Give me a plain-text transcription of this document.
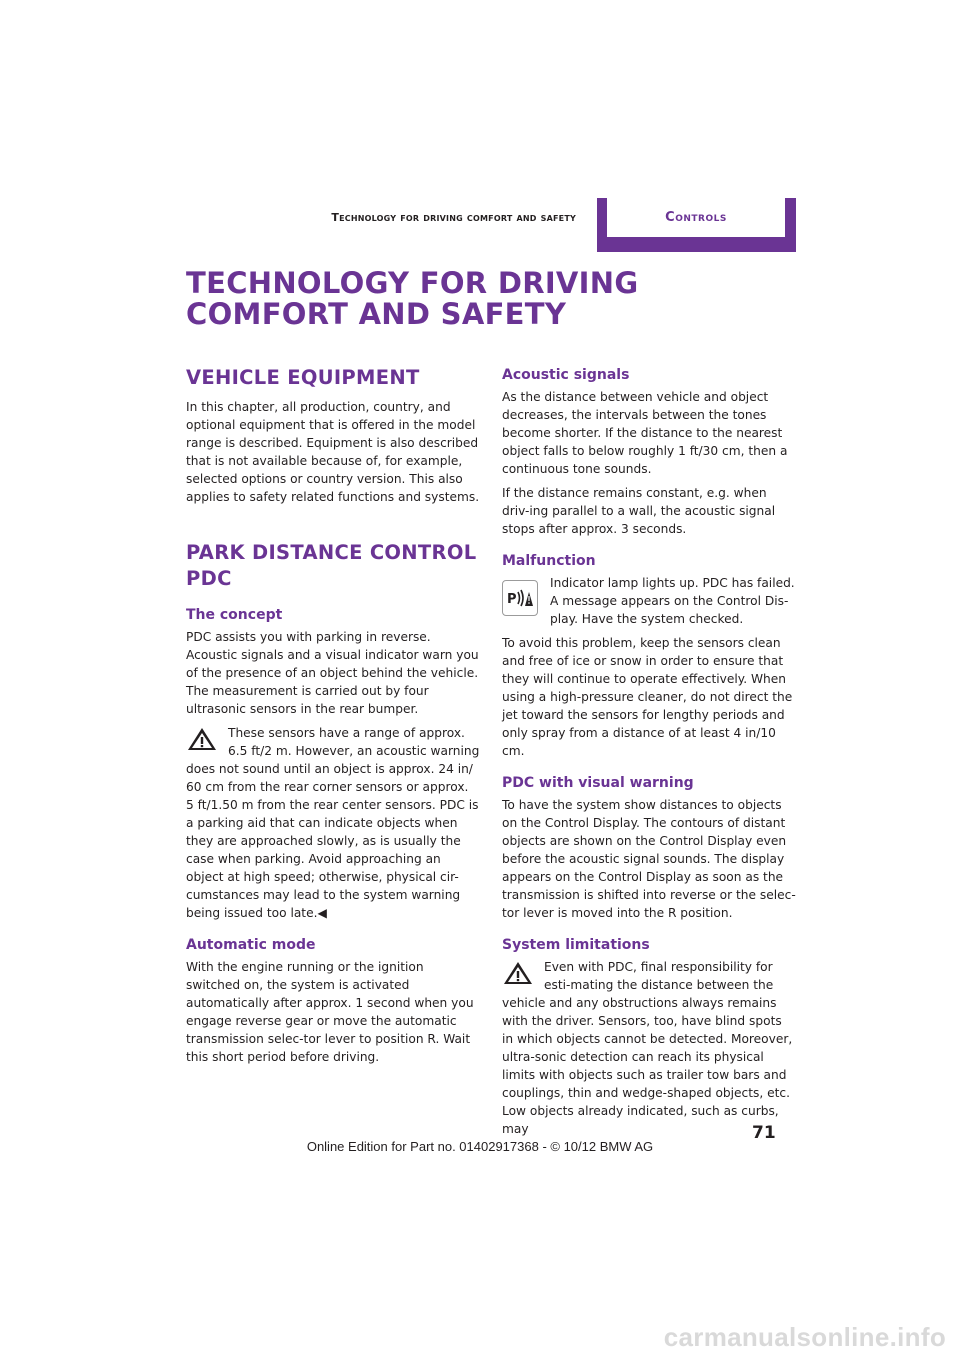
Technology for driving comfort and safety	Controls
TECHNOLOGY FOR DRIVING COMFORT AND SAFETY
VEHICLE EQUIPMENT

In this chapter, all production, country, and optional equipment that is offered in the model range is described. Equipment is also described that is not available because of, for example, selected options or country version. This also applies to safety related functions and systems.

PARK DISTANCE CONTROL PDC
The concept

PDC assists you with parking in reverse. Acoustic signals and a visual indicator warn you of the presence of an object behind the vehicle. The measurement is carried out by four ultrasonic sensors in the rear bumper.

These sensors have a range of approx. 6.5 ft/2 m. However, an acoustic warning does not sound until an object is approx. 24 in/ 60 cm from the rear corner sensors or approx. 5 ft/1.50 m from the rear center sensors. PDC is a parking aid that can indicate objects when they are approached slowly, as is usually the case when parking. Avoid approaching an object at high speed; otherwise, physical cir-cumstances may lead to the system warning being issued too late.◀

Automatic mode

With the engine running or the ignition switched on, the system is activated automatically after approx. 1 second when you engage reverse gear or move the automatic transmission selec-tor lever to position R. Wait this short period before driving.

Acoustic signals

As the distance between vehicle and object decreases, the intervals between the tones become shorter. If the distance to the nearest object falls to below roughly 1 ft/30 cm, then a continuous tone sounds.

If the distance remains constant, e.g. when driv-ing parallel to a wall, the acoustic signal stops after approx. 3 seconds.

Malfunction

P
Indicator lamp lights up. PDC has failed. A message appears on the Control Dis-play. Have the system checked.

To avoid this problem, keep the sensors clean and free of ice or snow in order to ensure that they will continue to operate effectively. When using a high-pressure cleaner, do not direct the jet toward the sensors for lengthy periods and only spray from a distance of at least 4 in/10 cm.

PDC with visual warning

To have the system show distances to objects on the Control Display. The contours of distant objects are shown on the Control Display even before the acoustic signal sounds. The display appears on the Control Display as soon as the transmission is shifted into reverse or the selec-tor lever is moved into the R position.

System limitations

Even with PDC, final responsibility for esti-mating the distance between the vehicle and any obstructions always remains with the driver. Sensors, too, have blind spots in which objects cannot be detected. Moreover, ultra-sonic detection can reach its physical limits with objects such as trailer tow bars and couplings, thin and wedge-shaped objects, etc. Low objects already indicated, such as curbs, may	71
Online Edition for Part no. 01402917368 - © 10/12 BMW AG
carmanualsonline.info
